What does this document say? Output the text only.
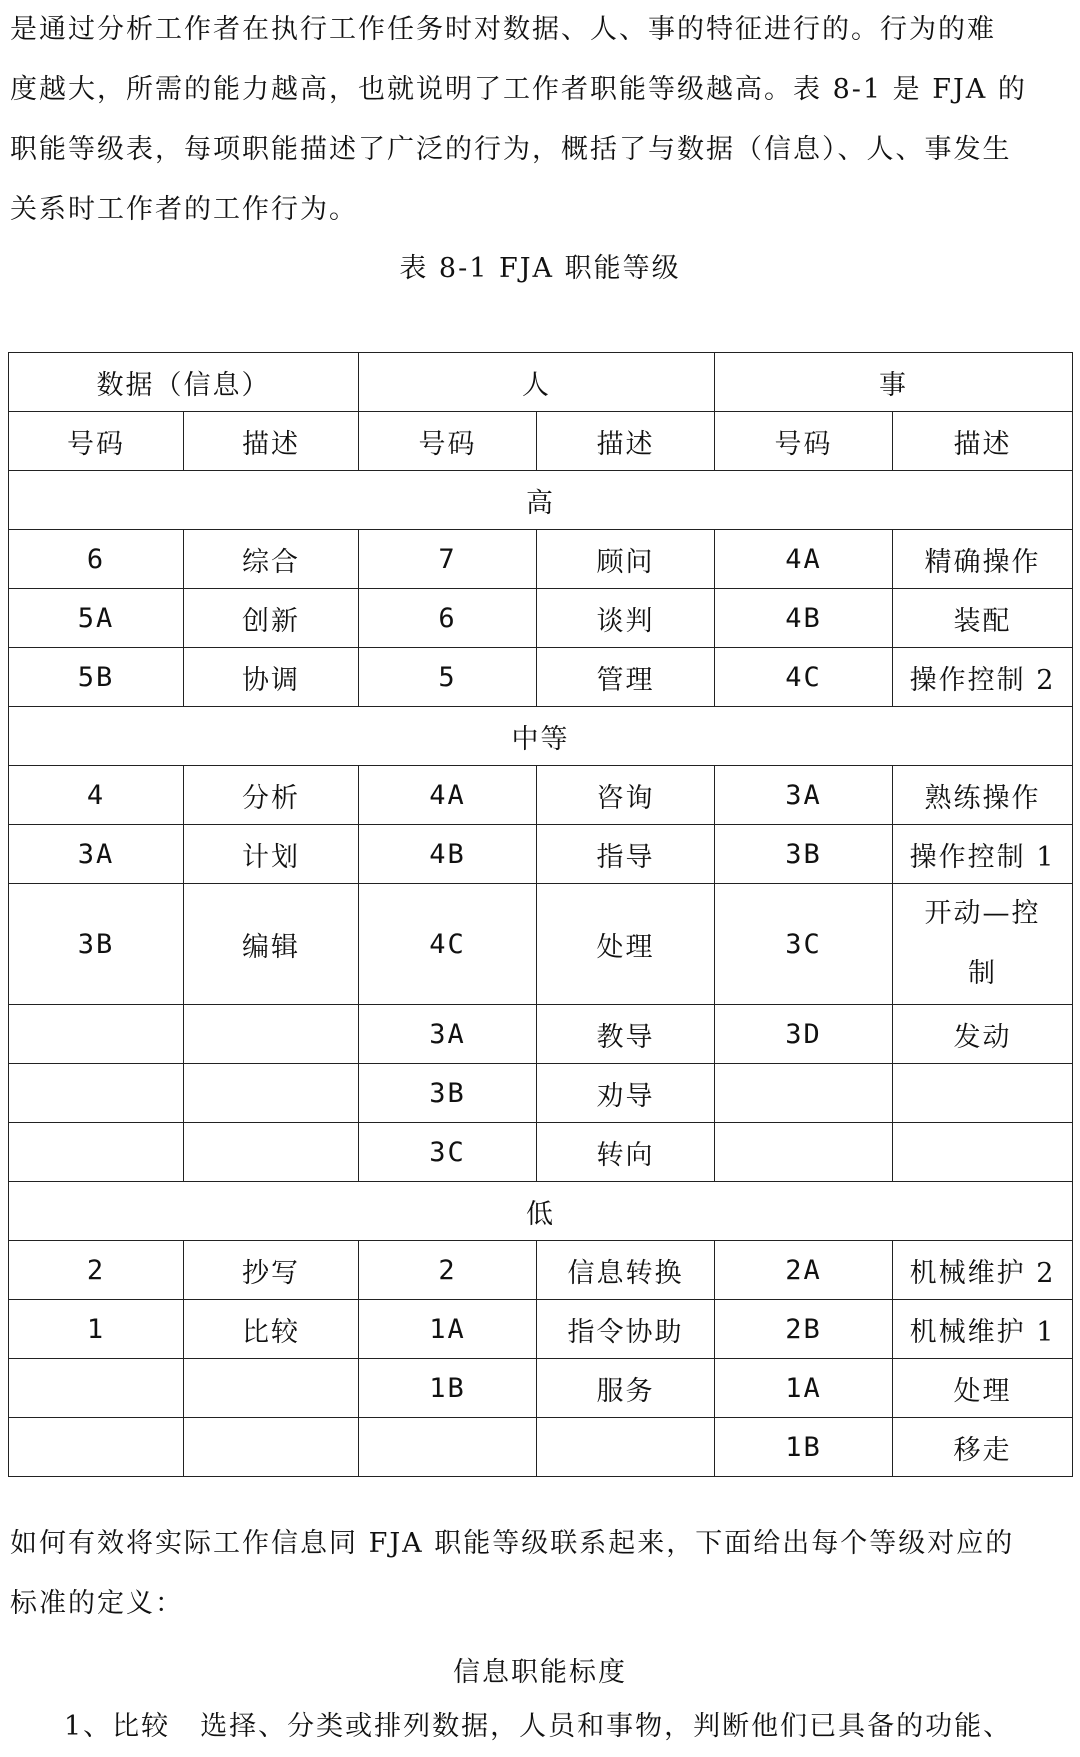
是通过分析工作者在执行工作任务时对数据、人、事的特征进行的。行为的难
度越大，所需的能力越高，也就说明了工作者职能等级越高。表 8-1 是 FJA 的
职能等级表，每项职能描述了广泛的行为，概括了与数据（信息）、人、事发生
关系时工作者的工作行为。
表 8-1 FJA 职能等级
数据（信息）		人		事	
号码	描述	号码	描述	号码	描述
高					
6	综合	7	顾问	4A	精确操作
5A	创新	6	谈判	4B	装配
5B	协调	5	管理	4C	操作控制 2
中等					
4	分析	4A	咨询	3A	熟练操作
3A	计划	4B	指导	3B	操作控制 1
3B	编辑	4C	处理	3C	开动—控制
		3A	教导	3D	发动
		3B	劝导		
		3C	转向		
低					
2	抄写	2	信息转换	2A	机械维护 2
1	比较	1A	指令协助	2B	机械维护 1
		1B	服务	1A	处理
				1B	移走
如何有效将实际工作信息同 FJA 职能等级联系起来，下面给出每个等级对应的
标准的定义：
信息职能标度
1、比较 选择、分类或排列数据，人员和事物，判断他们已具备的功能、
